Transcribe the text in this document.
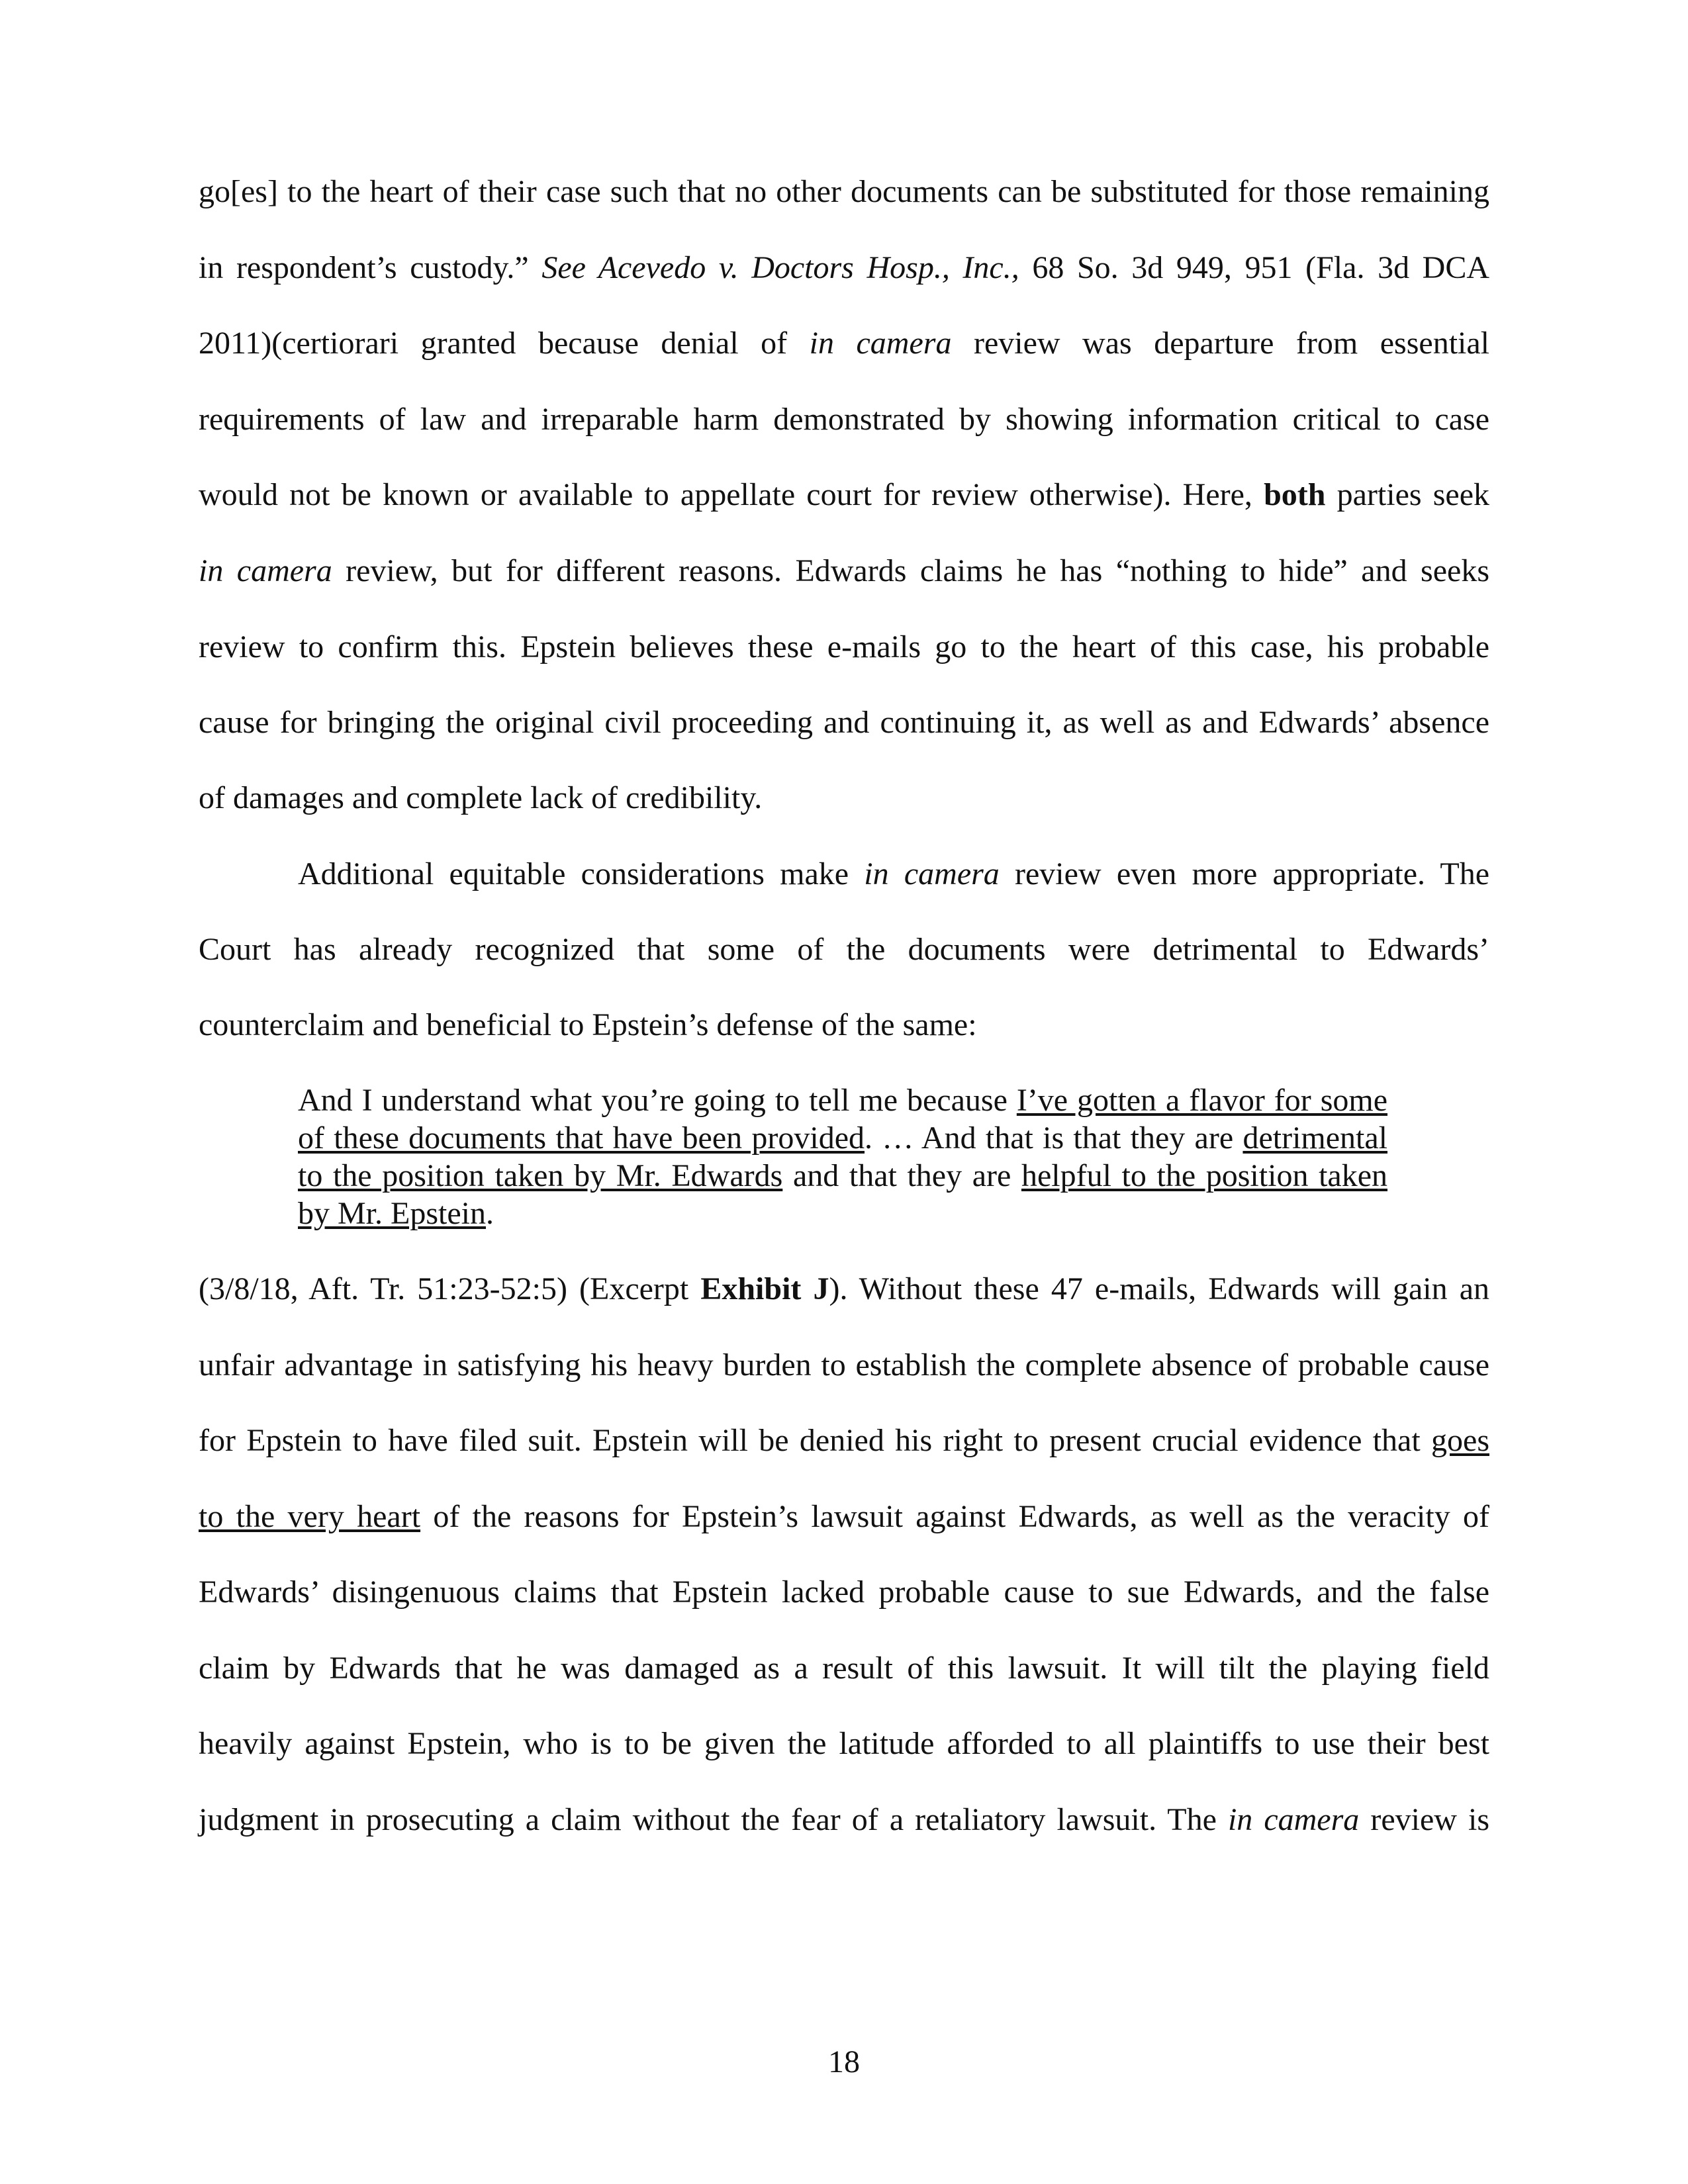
go[es] to the heart of their case such that no other documents can be substituted for those remaining

in respondent’s custody.” See Acevedo v. Doctors Hosp., Inc., 68 So. 3d 949, 951 (Fla. 3d DCA

2011)(certiorari granted because denial of in camera review was departure from essential

requirements of law and irreparable harm demonstrated by showing information critical to case

would not be known or available to appellate court for review otherwise). Here, both parties seek

in camera review, but for different reasons. Edwards claims he has “nothing to hide” and seeks

review to confirm this. Epstein believes these e-mails go to the heart of this case, his probable

cause for bringing the original civil proceeding and continuing it, as well as and Edwards’ absence

of damages and complete lack of credibility.

Additional equitable considerations make in camera review even more appropriate. The

Court has already recognized that some of the documents were detrimental to Edwards’

counterclaim and beneficial to Epstein’s defense of the same:

And I understand what you’re going to tell me because I’ve gotten a flavor for some

of these documents that have been provided. … And that is that they are detrimental

to the position taken by Mr. Edwards and that they are helpful to the position taken

by Mr. Epstein.

(3/8/18, Aft. Tr. 51:23-52:5) (Excerpt Exhibit J). Without these 47 e-mails, Edwards will gain an

unfair advantage in satisfying his heavy burden to establish the complete absence of probable cause

for Epstein to have filed suit. Epstein will be denied his right to present crucial evidence that goes

to the very heart of the reasons for Epstein’s lawsuit against Edwards, as well as the veracity of

Edwards’ disingenuous claims that Epstein lacked probable cause to sue Edwards, and the false

claim by Edwards that he was damaged as a result of this lawsuit. It will tilt the playing field

heavily against Epstein, who is to be given the latitude afforded to all plaintiffs to use their best

judgment in prosecuting a claim without the fear of a retaliatory lawsuit. The in camera review is

18
